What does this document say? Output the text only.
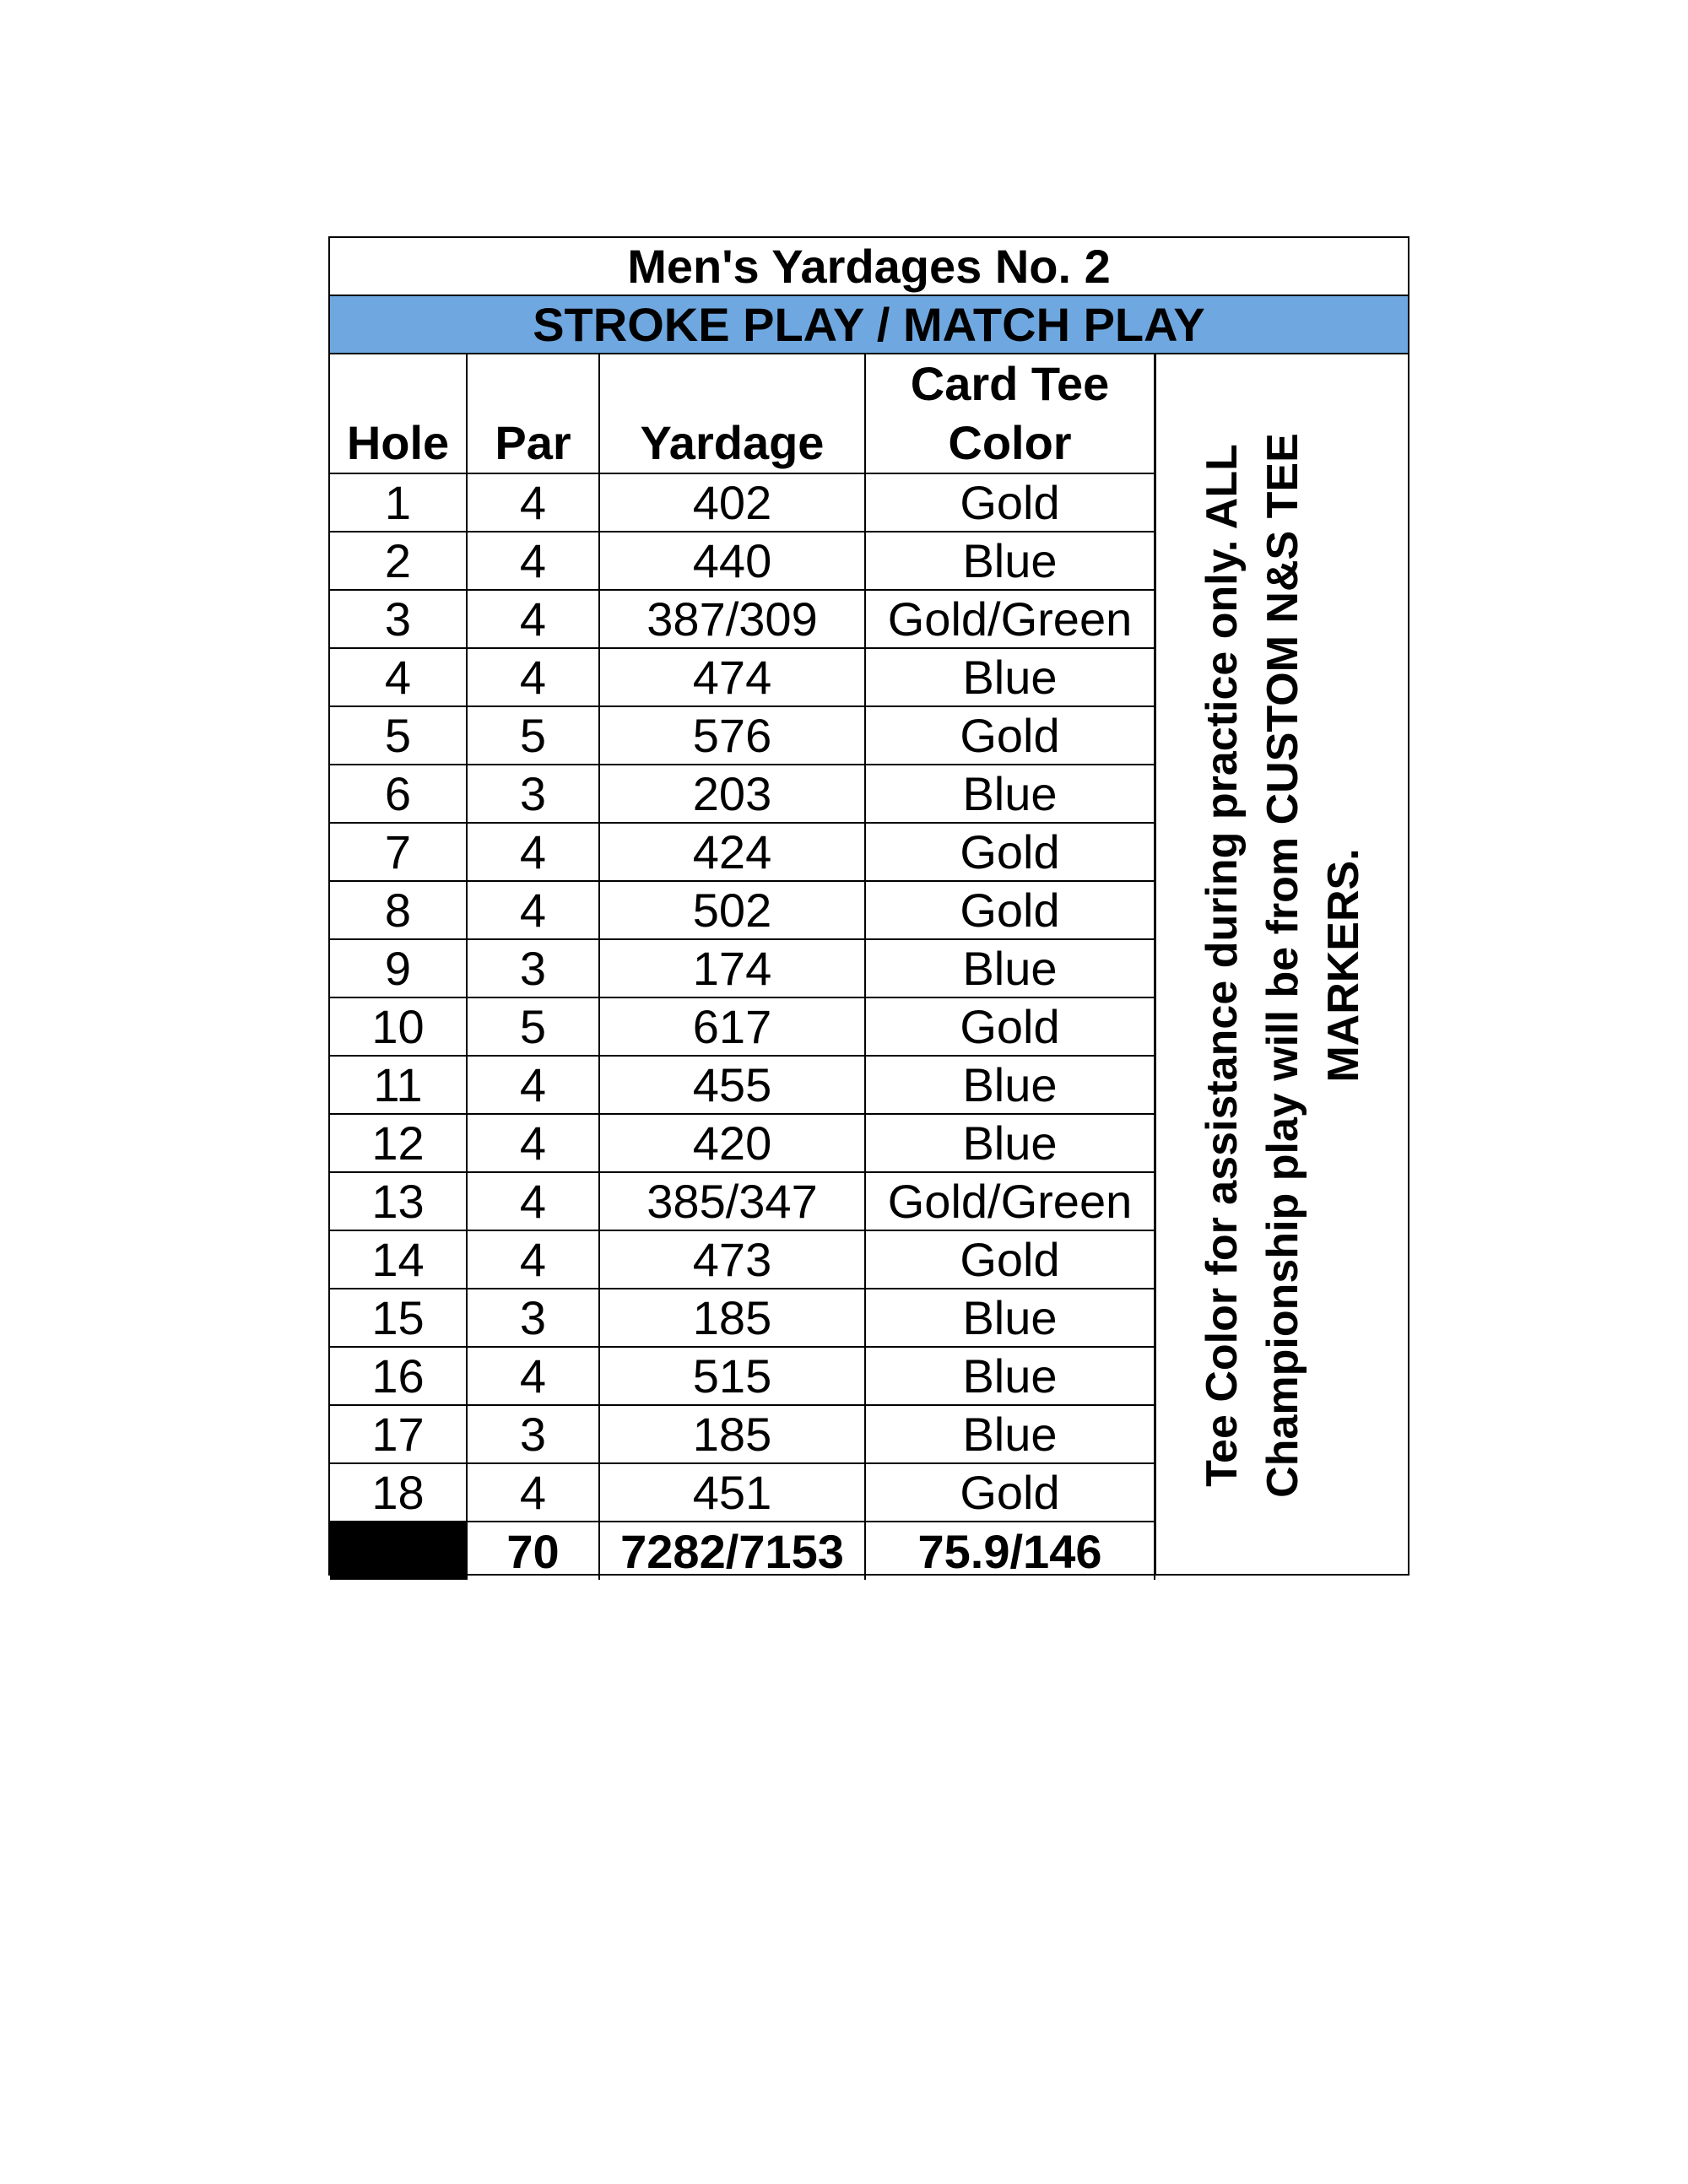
Men's Yardages No. 2
STROKE PLAY / MATCH PLAY
Hole	Par	Yardage	Card Tee
Color
1	4	402	Gold
2	4	440	Blue
3	4	387/309	Gold/Green
4	4	474	Blue
5	5	576	Gold
6	3	203	Blue
7	4	424	Gold
8	4	502	Gold
9	3	174	Blue
10	5	617	Gold
11	4	455	Blue
12	4	420	Blue
13	4	385/347	Gold/Green
14	4	473	Gold
15	3	185	Blue
16	4	515	Blue
17	3	185	Blue
18	4	451	Gold
	70	7282/7153	75.9/146
Tee Color for assistance during practice only. ALL Championship play will be from CUSTOM N&S TEE MARKERS.
